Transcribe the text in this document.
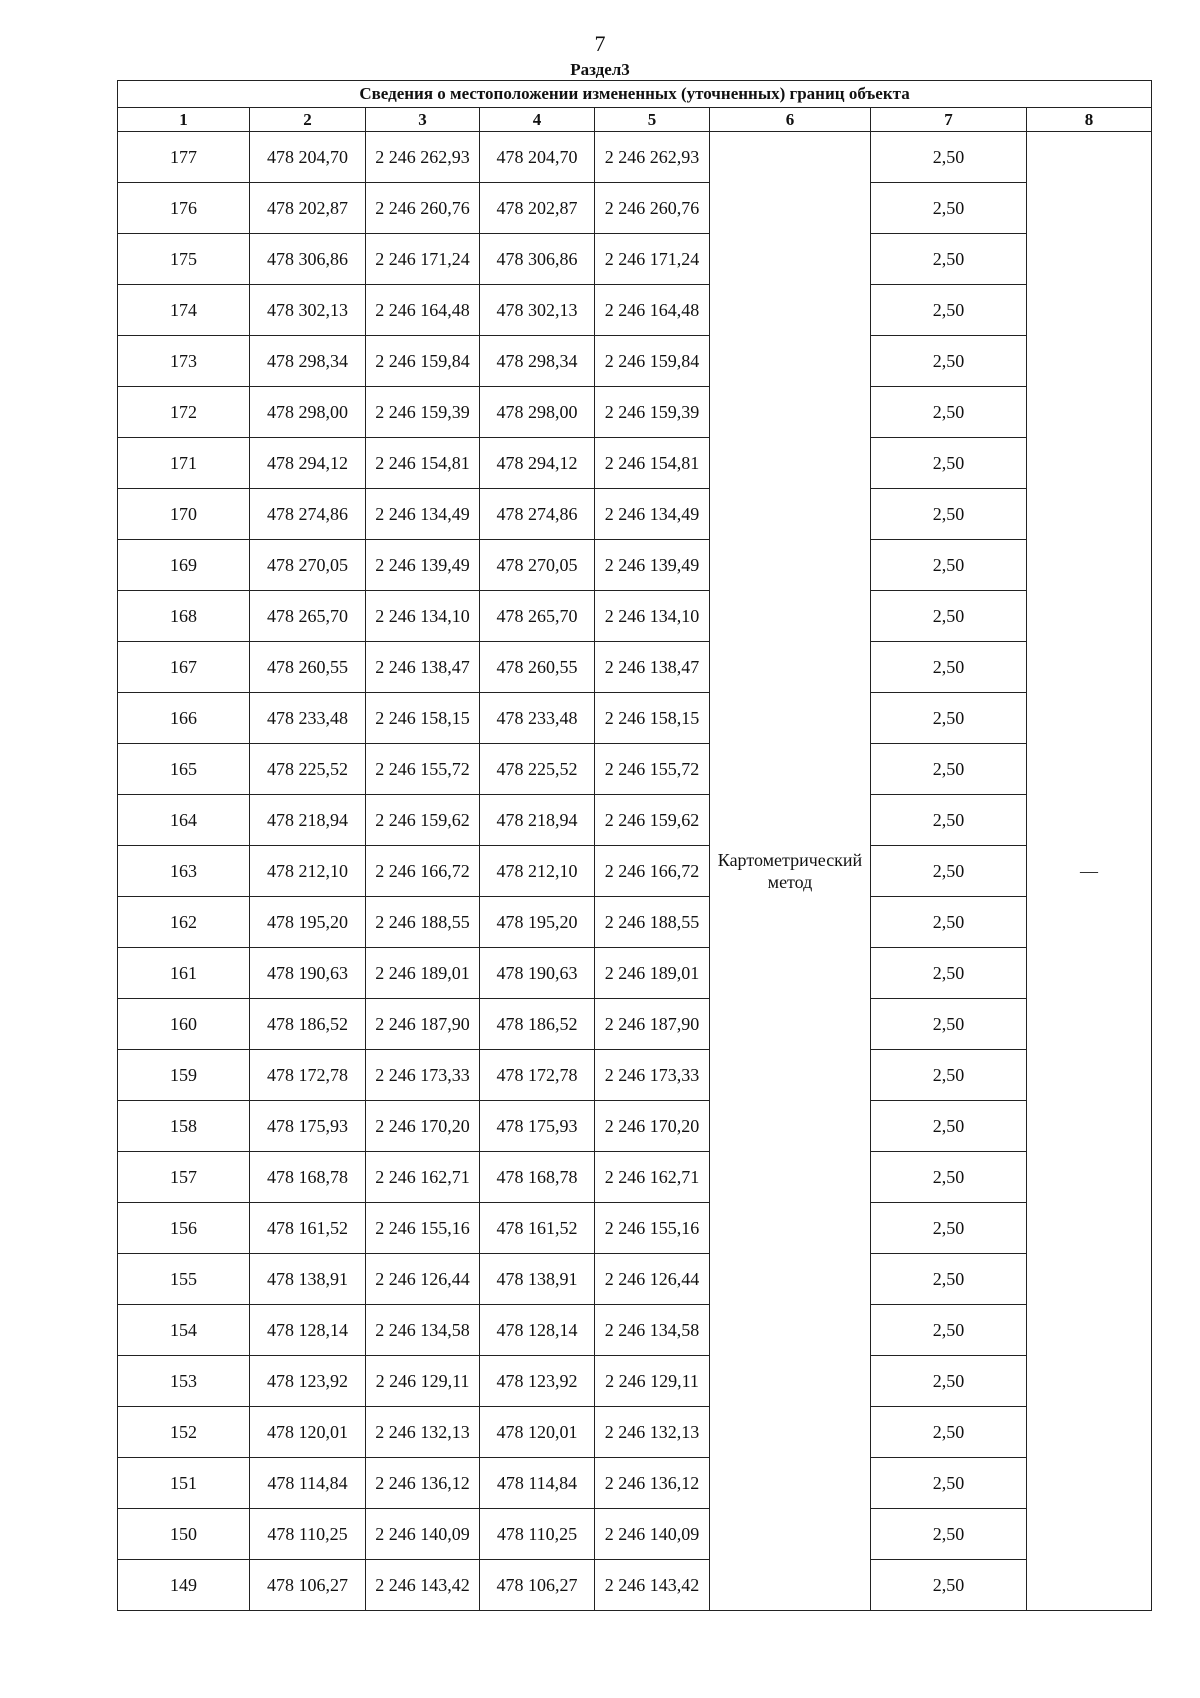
7
Раздел3
Сведения о местоположении измененных (уточненных) границ объекта							
1	2	3	4	5	6	7	8
177	478 204,70	2 246 262,93	478 204,70	2 246 262,93	Картометрический метод	2,50	—
176	478 202,87	2 246 260,76	478 202,87	2 246 260,76		2,50	
175	478 306,86	2 246 171,24	478 306,86	2 246 171,24		2,50	
174	478 302,13	2 246 164,48	478 302,13	2 246 164,48		2,50	
173	478 298,34	2 246 159,84	478 298,34	2 246 159,84		2,50	
172	478 298,00	2 246 159,39	478 298,00	2 246 159,39		2,50	
171	478 294,12	2 246 154,81	478 294,12	2 246 154,81		2,50	
170	478 274,86	2 246 134,49	478 274,86	2 246 134,49		2,50	
169	478 270,05	2 246 139,49	478 270,05	2 246 139,49		2,50	
168	478 265,70	2 246 134,10	478 265,70	2 246 134,10		2,50	
167	478 260,55	2 246 138,47	478 260,55	2 246 138,47		2,50	
166	478 233,48	2 246 158,15	478 233,48	2 246 158,15		2,50	
165	478 225,52	2 246 155,72	478 225,52	2 246 155,72		2,50	
164	478 218,94	2 246 159,62	478 218,94	2 246 159,62		2,50	
163	478 212,10	2 246 166,72	478 212,10	2 246 166,72		2,50	
162	478 195,20	2 246 188,55	478 195,20	2 246 188,55		2,50	
161	478 190,63	2 246 189,01	478 190,63	2 246 189,01		2,50	
160	478 186,52	2 246 187,90	478 186,52	2 246 187,90		2,50	
159	478 172,78	2 246 173,33	478 172,78	2 246 173,33		2,50	
158	478 175,93	2 246 170,20	478 175,93	2 246 170,20		2,50	
157	478 168,78	2 246 162,71	478 168,78	2 246 162,71		2,50	
156	478 161,52	2 246 155,16	478 161,52	2 246 155,16		2,50	
155	478 138,91	2 246 126,44	478 138,91	2 246 126,44		2,50	
154	478 128,14	2 246 134,58	478 128,14	2 246 134,58		2,50	
153	478 123,92	2 246 129,11	478 123,92	2 246 129,11		2,50	
152	478 120,01	2 246 132,13	478 120,01	2 246 132,13		2,50	
151	478 114,84	2 246 136,12	478 114,84	2 246 136,12		2,50	
150	478 110,25	2 246 140,09	478 110,25	2 246 140,09		2,50	
149	478 106,27	2 246 143,42	478 106,27	2 246 143,42		2,50	
